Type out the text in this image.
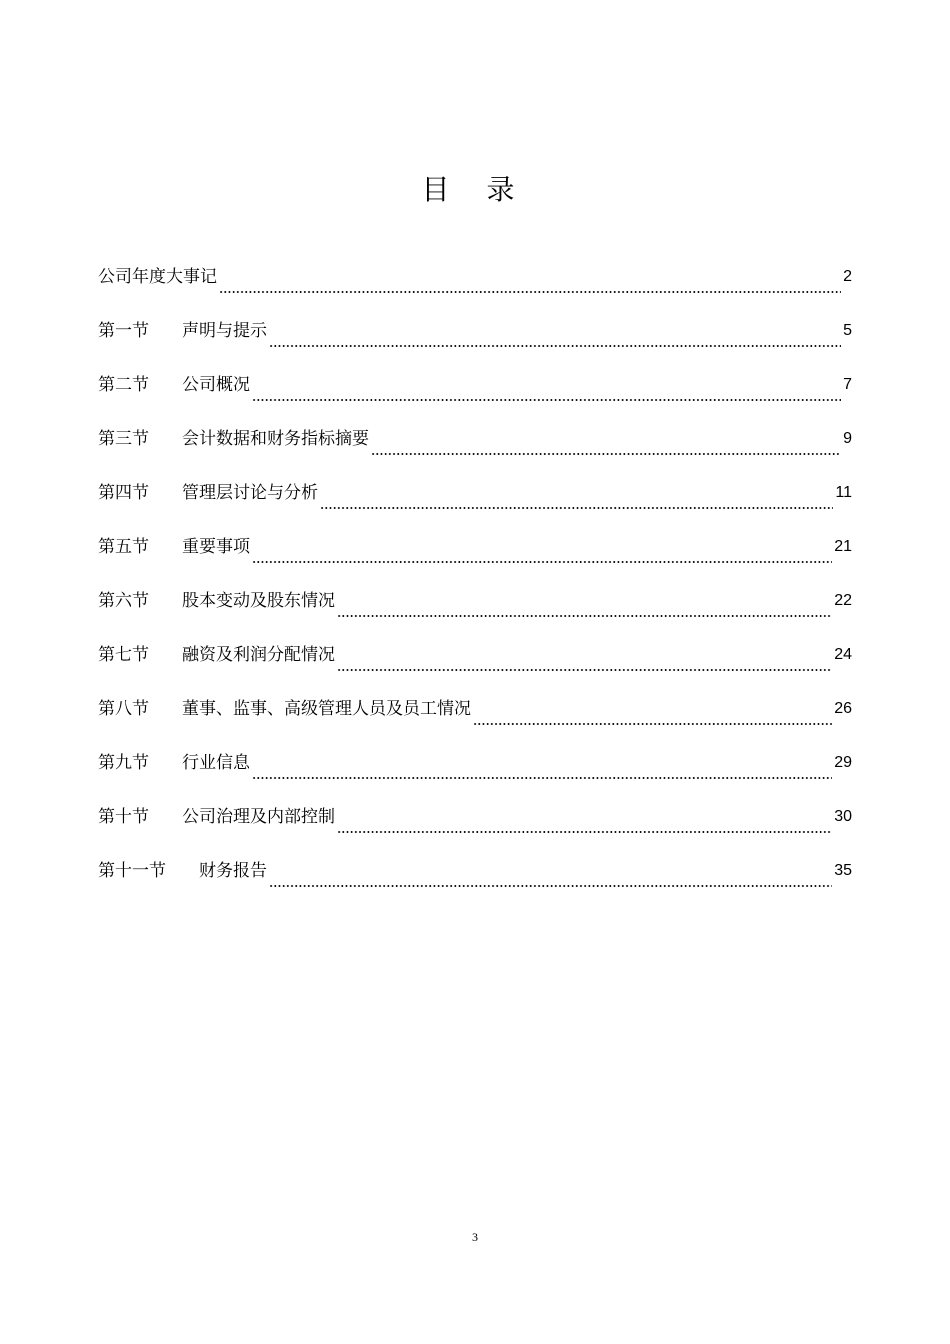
目 录
公司年度大事记	2
第一节	声明与提示	5
第二节	公司概况	7
第三节	会计数据和财务指标摘要	9
第四节	管理层讨论与分析	11
第五节	重要事项	21
第六节	股本变动及股东情况	22
第七节	融资及利润分配情况	24
第八节	董事、监事、高级管理人员及员工情况	26
第九节	行业信息	29
第十节	公司治理及内部控制	30
第十一节	财务报告	35
3
